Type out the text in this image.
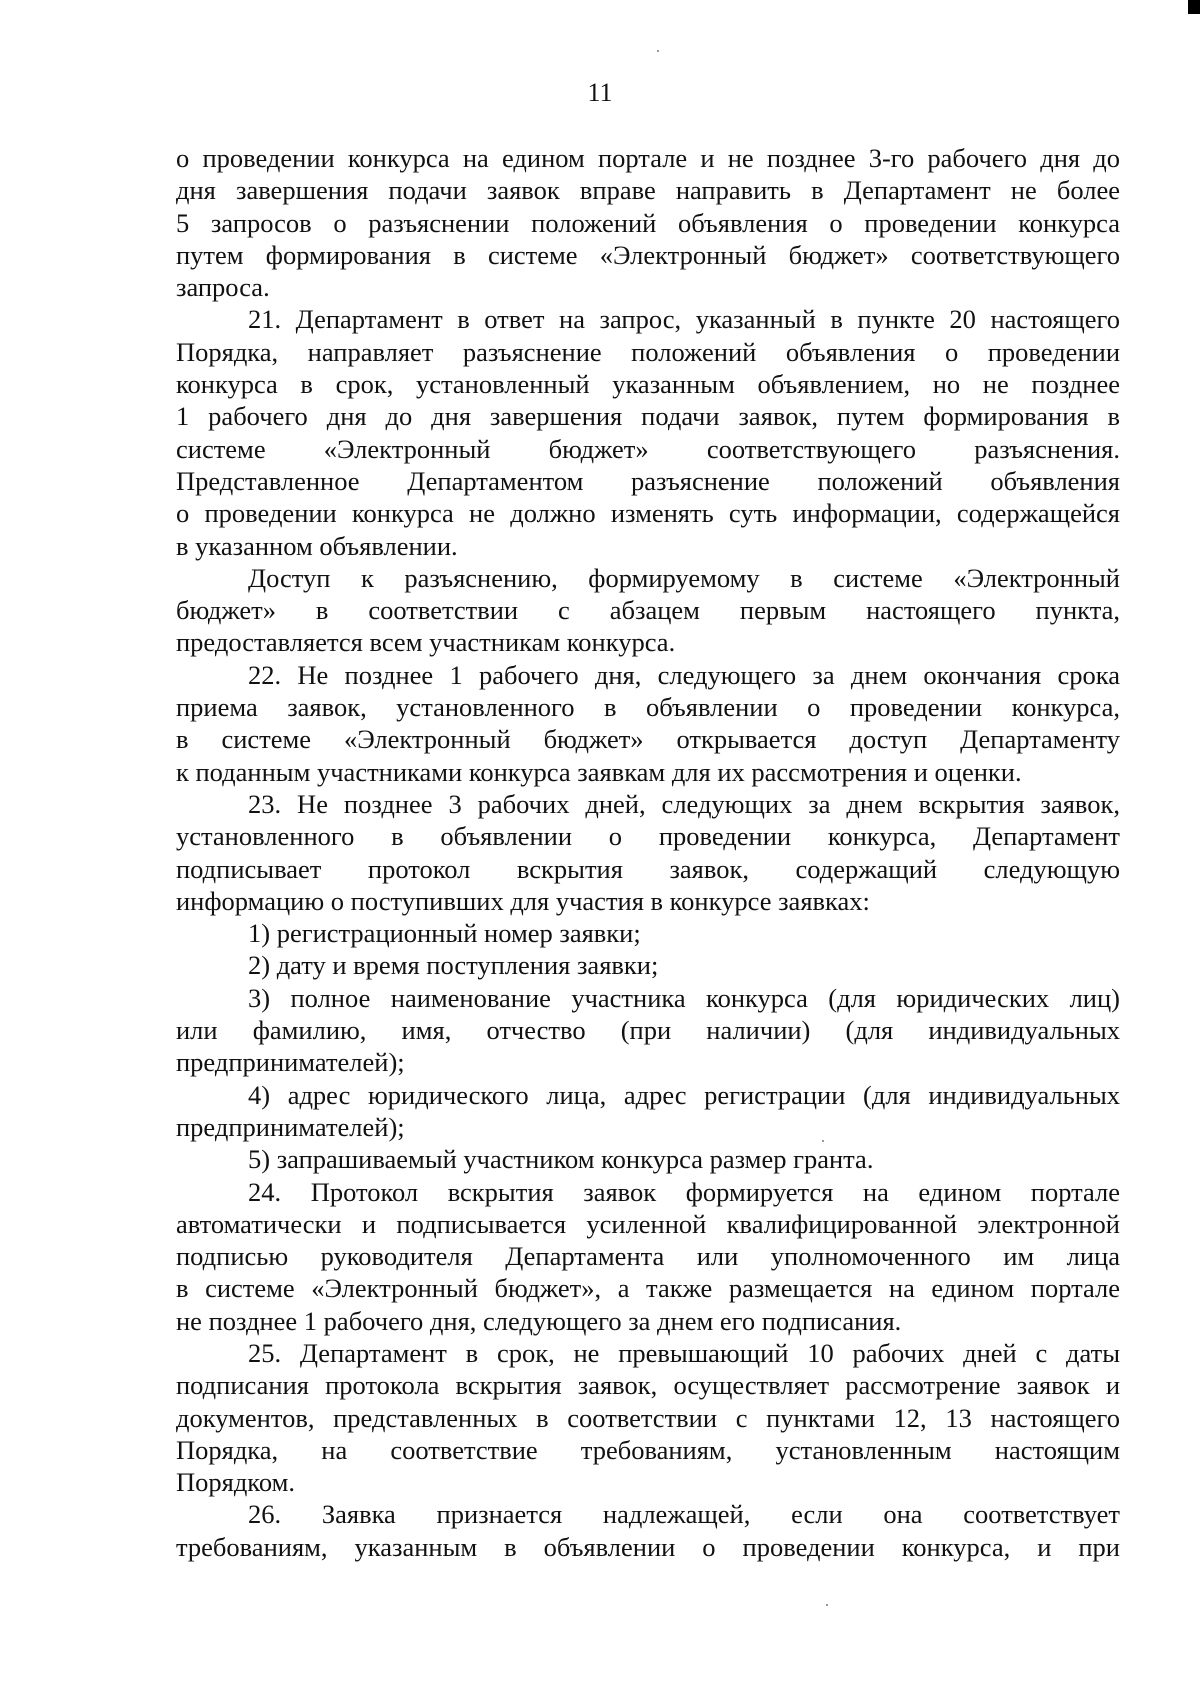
11
о проведении конкурса на едином портале и не позднее 3-го рабочего дня до
дня завершения подачи заявок вправе направить в Департамент не более
5 запросов о разъяснении положений объявления о проведении конкурса
путем формирования в системе «Электронный бюджет» соответствующего
запроса.
21. Департамент в ответ на запрос, указанный в пункте 20 настоящего
Порядка, направляет разъяснение положений объявления о проведении
конкурса в срок, установленный указанным объявлением, но не позднее
1 рабочего дня до дня завершения подачи заявок, путем формирования в
системе «Электронный бюджет» соответствующего разъяснения.
Представленное Департаментом разъяснение положений объявления
о проведении конкурса не должно изменять суть информации, содержащейся
в указанном объявлении.
Доступ к разъяснению, формируемому в системе «Электронный
бюджет» в соответствии с абзацем первым настоящего пункта,
предоставляется всем участникам конкурса.
22. Не позднее 1 рабочего дня, следующего за днем окончания срока
приема заявок, установленного в объявлении о проведении конкурса,
в системе «Электронный бюджет» открывается доступ Департаменту
к поданным участниками конкурса заявкам для их рассмотрения и оценки.
23. Не позднее 3 рабочих дней, следующих за днем вскрытия заявок,
установленного в объявлении о проведении конкурса, Департамент
подписывает протокол вскрытия заявок, содержащий следующую
информацию о поступивших для участия в конкурсе заявках:
1) регистрационный номер заявки;
2) дату и время поступления заявки;
3) полное наименование участника конкурса (для юридических лиц)
или фамилию, имя, отчество (при наличии) (для индивидуальных
предпринимателей);
4) адрес юридического лица, адрес регистрации (для индивидуальных
предпринимателей);
5) запрашиваемый участником конкурса размер гранта.
24. Протокол вскрытия заявок формируется на едином портале
автоматически и подписывается усиленной квалифицированной электронной
подписью руководителя Департамента или уполномоченного им лица
в системе «Электронный бюджет», а также размещается на едином портале
не позднее 1 рабочего дня, следующего за днем его подписания.
25. Департамент в срок, не превышающий 10 рабочих дней с даты
подписания протокола вскрытия заявок, осуществляет рассмотрение заявок и
документов, представленных в соответствии с пунктами 12, 13 настоящего
Порядка, на соответствие требованиям, установленным настоящим
Порядком.
26. Заявка признается надлежащей, если она соответствует
требованиям, указанным в объявлении о проведении конкурса, и при
